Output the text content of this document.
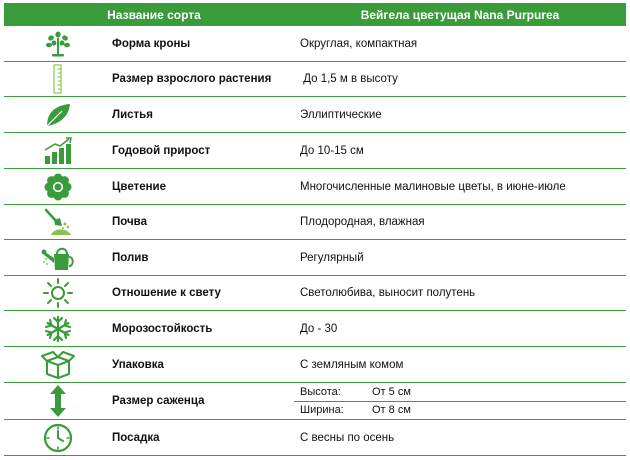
Название сорта	Вейгела цветущая Nana Purpurea
Форма кроны	Округлая, компактная
Размер взрослого растения	До 1,5 м в высоту
Листья	Эллиптические
Годовой прирост	До 10-15 см
Цветение	Многочисленные малиновые цветы, в июне-июле
Почва	Плодородная, влажная
Полив	Регулярный
Отношение к свету	Светолюбива, выносит полутень
Морозостойкость	До - 30
Упаковка	С земляным комом
Размер саженца
Высота:	От 5 см
Ширина:	От 8 см
Посадка	С весны по осень
